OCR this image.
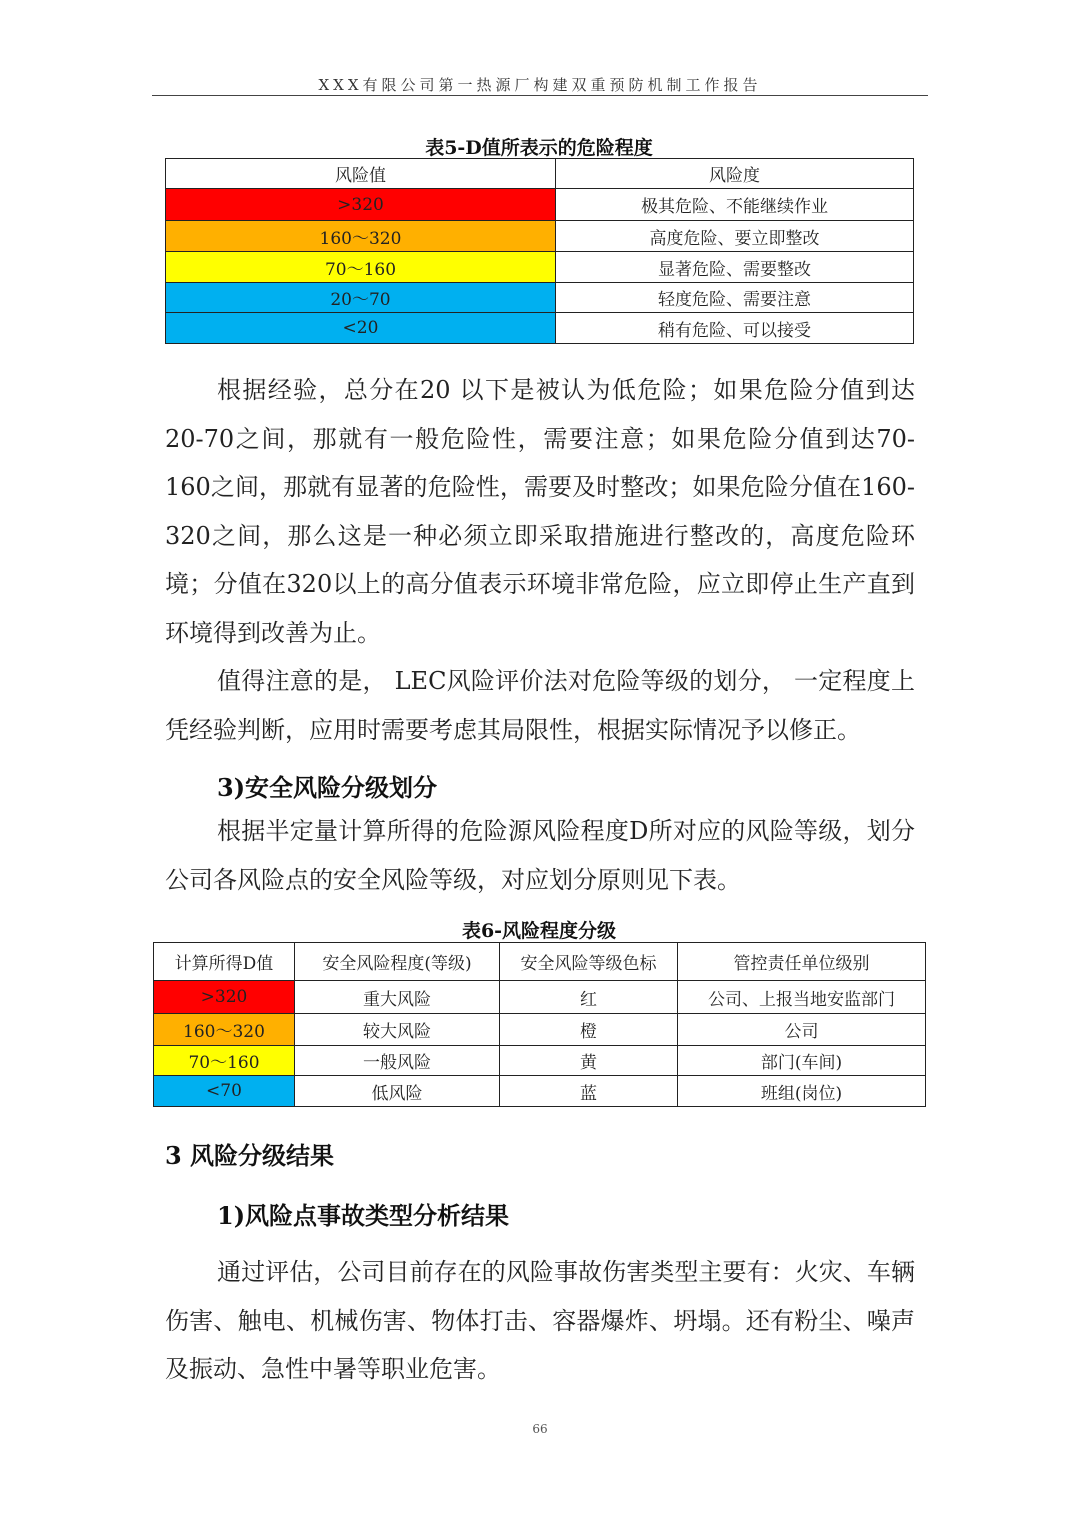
XXX有限公司第一热源厂构建双重预防机制工作报告
表5-D值所表示的危险程度
风险值	风险度
>320	极其危险、不能继续作业
160～320	高度危险、要立即整改
70～160	显著危险、需要整改
20～70	轻度危险、需要注意
<20	稍有危险、可以接受

根据经验，总分在20 以下是被认为低危险；如果危险分值到达20-70之间，那就有一般危险性，需要注意；如果危险分值到达70-160之间，那就有显著的危险性，需要及时整改；如果危险分值在160-320之间，那么这是一种必须立即采取措施进行整改的，高度危险环境；分值在320以上的高分值表示环境非常危险，应立即停止生产直到环境得到改善为止。

值得注意的是， LEC风险评价法对危险等级的划分， 一定程度上凭经验判断，应用时需要考虑其局限性，根据实际情况予以修正。

3)安全风险分级划分

根据半定量计算所得的危险源风险程度D所对应的风险等级，划分公司各风险点的安全风险等级，对应划分原则见下表。

表6-风险程度分级
计算所得D值	安全风险程度(等级)	安全风险等级色标	管控责任单位级别
>320	重大风险	红	公司、上报当地安监部门
160～320	较大风险	橙	公司
70～160	一般风险	黄	部门(车间)
<70	低风险	蓝	班组(岗位)
3 风险分级结果
1)风险点事故类型分析结果

通过评估，公司目前存在的风险事故伤害类型主要有：火灾、车辆伤害、触电、机械伤害、物体打击、容器爆炸、坍塌。还有粉尘、噪声及振动、急性中暑等职业危害。

66
